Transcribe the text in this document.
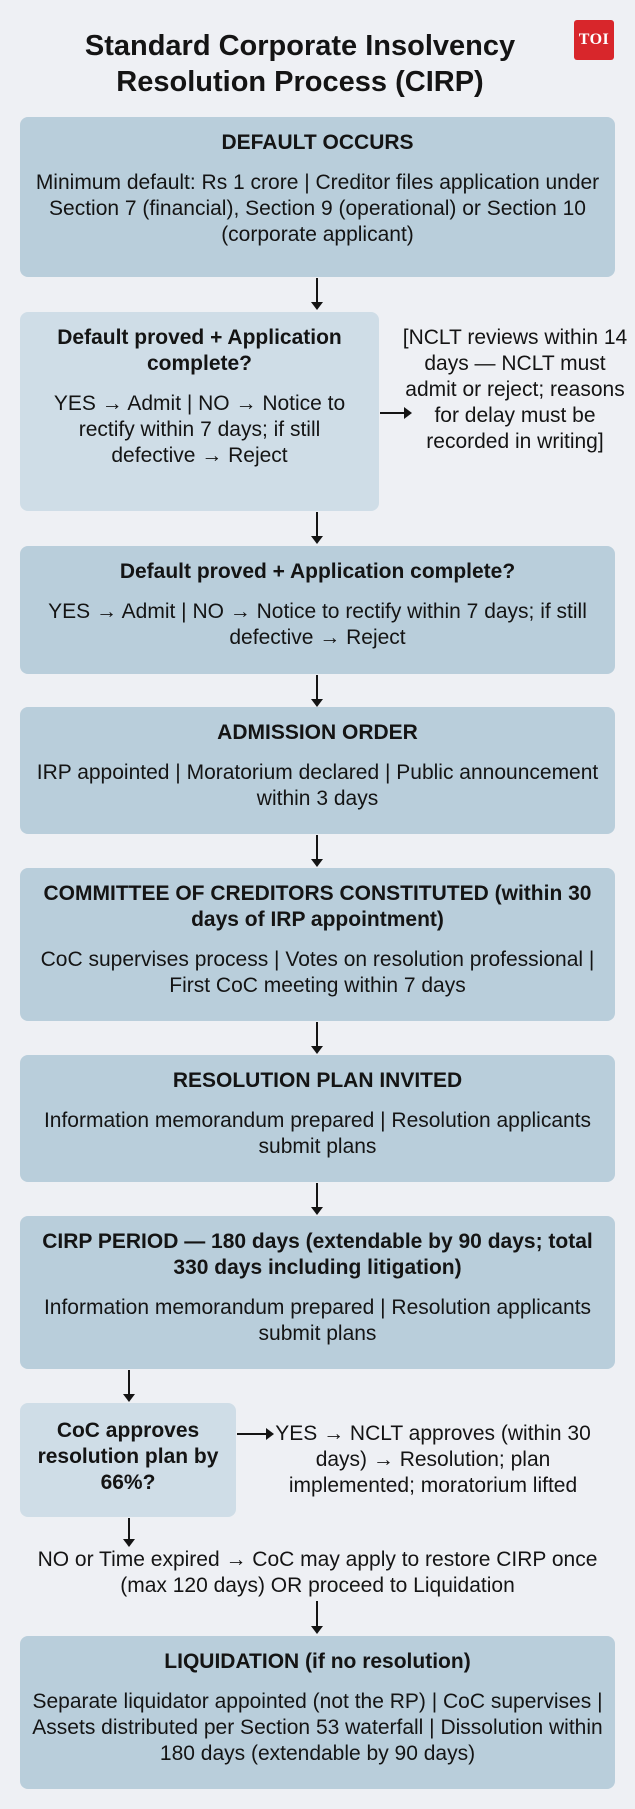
Standard Corporate Insolvency Resolution Process (CIRP)
TOI
DEFAULT OCCURS
Minimum default: Rs 1 crore | Creditor files application under Section 7 (financial), Section 9 (operational) or Section 10 (corporate applicant)
Default proved + Application complete?
YES → Admit | NO → Notice to rectify within 7 days; if still defective → Reject
[NCLT reviews within 14 days — NCLT must admit or reject; reasons for delay must be recorded in writing]
Default proved + Application complete?
YES → Admit | NO → Notice to rectify within 7 days; if still defective → Reject
ADMISSION ORDER
IRP appointed | Moratorium declared | Public announcement within 3 days
COMMITTEE OF CREDITORS CONSTITUTED (within 30 days of IRP appointment)
CoC supervises process | Votes on resolution professional | First CoC meeting within 7 days
RESOLUTION PLAN INVITED
Information memorandum prepared | Resolution applicants submit plans
CIRP PERIOD — 180 days (extendable by 90 days; total 330 days including litigation)
Information memorandum prepared | Resolution applicants submit plans
CoC approves resolution plan by 66%?
YES → NCLT approves (within 30 days) → Resolution; plan implemented; moratorium lifted
NO or Time expired → CoC may apply to restore CIRP once (max 120 days) OR proceed to Liquidation
LIQUIDATION (if no resolution)
Separate liquidator appointed (not the RP) | CoC supervises | Assets distributed per Section 53 waterfall | Dissolution within 180 days (extendable by 90 days)
